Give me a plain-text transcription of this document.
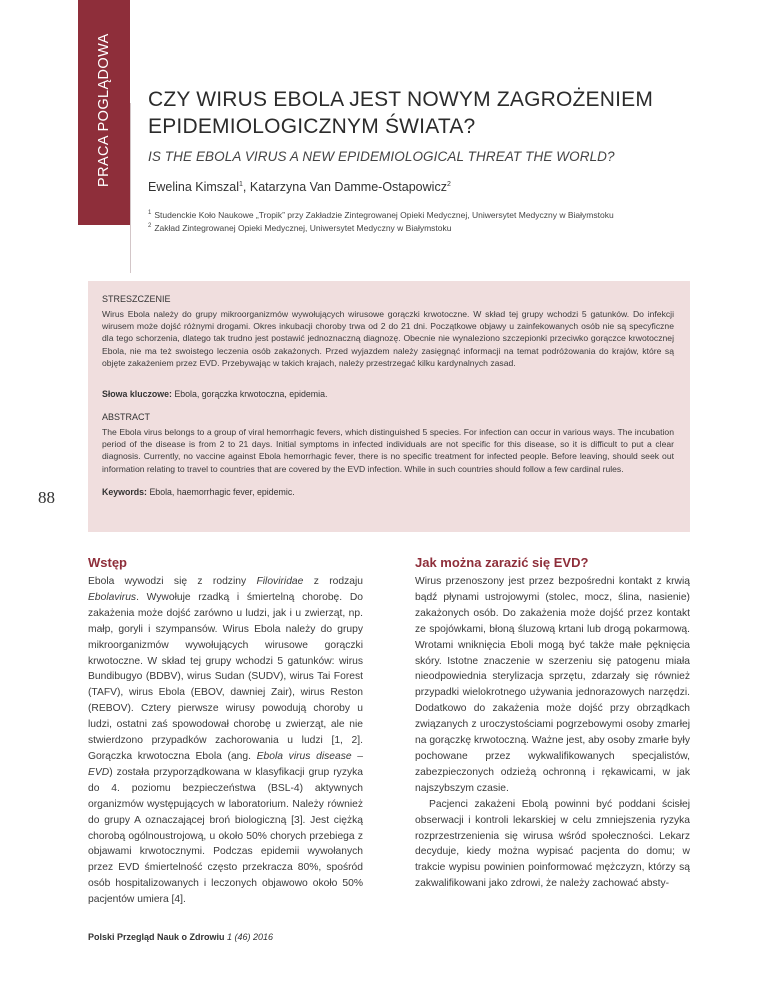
PRACA POGLĄDOWA CZY WIRUS EBOLA JEST NOWYM ZAGROŻENIEM EPIDEMIOLOGICZNYM ŚWIATA?
IS THE EBOLA VIRUS A NEW EPIDEMIOLOGICAL THREAT THE WORLD?
Ewelina Kimszal$^1$, Katarzyna Van Damme-Ostapowicz$^2$
$^1$ Studenckie Koło Naukowe „Tropik” przy Zakładzie Zintegrowanej Opieki Medycznej, Uniwersytet Medyczny w Białymstoku
$^2$ Zakład Zintegrowanej Opieki Medycznej, Uniwersytet Medyczny w Białymstoku
STRESZCZENIE
Wirus Ebola należy do grupy mikroorganizmów wywołujących wirusowe gorączki krwotoczne. W skład tej grupy wchodzi 5 gatunków. Do infekcji wirusem może dojść różnymi drogami. Okres inkubacji choroby trwa od 2 do 21 dni. Początkowe objawy u zainfekowanych osób nie są specyficzne dla tego schorzenia, dlatego tak trudno jest postawić jednoznaczną diagnozę. Obecnie nie wynaleziono szczepionki przeciwko gorączce krwotocznej Ebola, nie ma też swoistego leczenia osób zakażonych. Przed wyjazdem należy zasięgnąć informacji na temat podróżowania do krajów, które są objęte zakażeniem przez EVD. Przebywając w takich krajach, należy przestrzegać kilku kardynalnych zasad.
Słowa kluczowe: Ebola, gorączka krwotoczna, epidemia.
ABSTRACT
The Ebola virus belongs to a group of viral hemorrhagic fevers, which distinguished 5 species. For infection can occur in various ways. The incubation period of the disease is from 2 to 21 days. Initial symptoms in infected individuals are not specific for this disease, so it is difficult to put a clear diagnosis. Currently, no vaccine against Ebola hemorrhagic fever, there is no specific treatment for infected people. Before leaving, should seek out information relating to travel to countries that are covered by the EVD infection. While in such countries should follow a few cardinal rules.
Keywords: Ebola, haemorrhagic fever, epidemic.
88
Wstęp

Ebola wywodzi się z rodziny Filoviridae z rodzaju Ebolavirus. Wywołuje rzadką i śmiertelną chorobę. Do zakażenia może dojść zarówno u ludzi, jak i u zwierząt, np. małp, goryli i szympansów. Wirus Ebola należy do grupy mikroorganizmów wywołujących wirusowe gorączki krwotoczne. W skład tej grupy wchodzi 5 gatunków: wirus Bundibugyo (BDBV), wirus Sudan (SUDV), wirus Tai Forest (TAFV), wirus Ebola (EBOV, dawniej Zair), wirus Reston (REBOV). Cztery pierwsze wirusy powodują choroby u ludzi, ostatni zaś spowodował chorobę u zwierząt, ale nie stwierdzono przypadków zachorowania u ludzi [1, 2]. Gorączka krwotoczna Ebola (ang. Ebola virus disease – EVD) została przyporządkowana w klasyfikacji grup ryzyka do 4. poziomu bezpieczeństwa (BSL-4) aktywnych organizmów występujących w laboratorium. Należy również do grupy A oznaczającej broń biologiczną [3]. Jest ciężką chorobą ogólnoustrojową, u około 50% chorych przebiega z objawami krwotocznymi. Podczas epidemii wywołanych przez EVD śmiertelność często przekracza 80%, spośród osób hospitalizowanych i leczonych objawowo około 50% pacjentów umiera [4].

Jak można zarazić się EVD?

Wirus przenoszony jest przez bezpośredni kontakt z krwią bądź płynami ustrojowymi (stolec, mocz, ślina, nasienie) zakażonych osób. Do zakażenia może dojść przez kontakt ze spojówkami, błoną śluzową krtani lub drogą pokarmową. Wrotami wniknięcia Eboli mogą być także małe pęknięcia skóry. Istotne znaczenie w szerzeniu się patogenu miała nieodpowiednia sterylizacja sprzętu, zdarzały się również przypadki wielokrotnego używania jednorazowych narzędzi. Dodatkowo do zakażenia może dojść przy obrządkach związanych z uroczystościami pogrzebowymi osoby zmarłej na gorączkę krwotoczną. Ważne jest, aby osoby zmarłe były pochowane przez wykwalifikowanych specjalistów, zabezpieczonych odzieżą ochronną i rękawicami, w jak najszybszym czasie.

Pacjenci zakażeni Ebolą powinni być poddani ścisłej obserwacji i kontroli lekarskiej w celu zmniejszenia ryzyka rozprzestrzenienia się wirusa wśród społeczności. Lekarz decyduje, kiedy można wypisać pacjenta do domu; w trakcie wypisu powinien poinformować mężczyzn, którzy są zakwalifikowani jako zdrowi, że należy zachować absty-

Polski Przegląd Nauk o Zdrowiu 1 (46) 2016
